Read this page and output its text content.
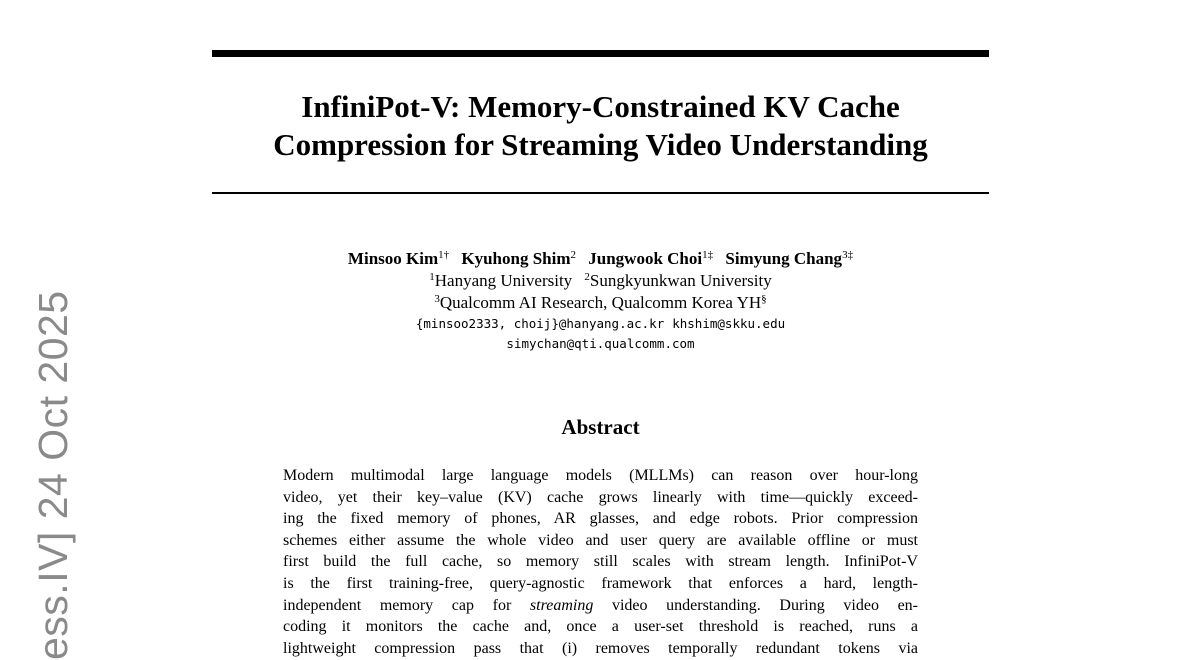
InfiniPot-V: Memory-Constrained KV Cache
Compression for Streaming Video Understanding
Minsoo Kim$^{1\dagger}$ Kyuhong Shim$^2$ Jungwook Choi$^{1\ddagger}$ Simyung Chang$^{3\ddagger}$
$^1$Hanyang University $^2$Sungkyunkwan University
$^3$Qualcomm AI Research, Qualcomm Korea YH§
{minsoo2333, choij}@hanyang.ac.kr khshim@skku.edu
simychan@qti.qualcomm.com
Abstract
Modern multimodal large language models (MLLMs) can reason over hour-long
video, yet their key–value (KV) cache grows linearly with time—quickly exceed-
ing the fixed memory of phones, AR glasses, and edge robots. Prior compression
schemes either assume the whole video and user query are available offline or must
first build the full cache, so memory still scales with stream length. InfiniPot-V
is the first training-free, query-agnostic framework that enforces a hard, length-
independent memory cap for streaming video understanding. During video en-
coding it monitors the cache and, once a user-set threshold is reached, runs a
lightweight compression pass that (i) removes temporally redundant tokens via
ess.IV] 24 Oct 2025
